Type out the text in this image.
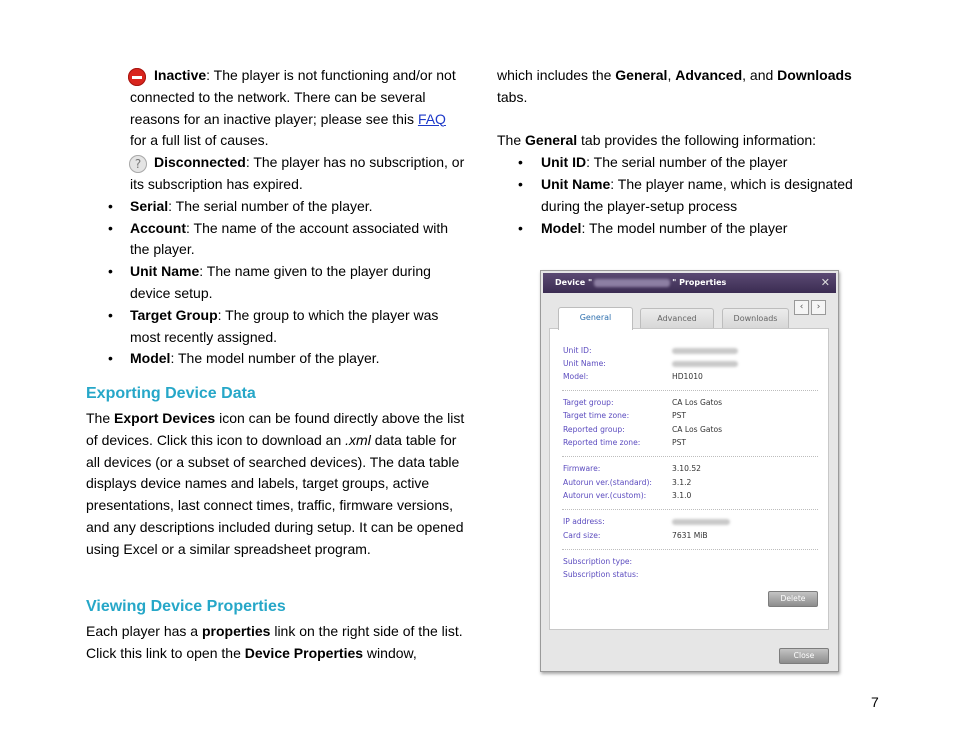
Inactive: The player is not functioning and/or not connected to the network. There can be several reasons for an inactive player; please see this FAQ for a full list of causes.

? Disconnected: The player has no subscription, or its subscription has expired.

• Serial: The serial number of the player.
• Account: The name of the account associated with the player.
• Unit Name: The name given to the player during device setup.
• Target Group: The group to which the player was most recently assigned.
• Model: The model number of the player.
Exporting Device Data
The Export Devices icon can be found directly above the list of devices. Click this icon to download an .xml data table for all devices (or a subset of searched devices). The data table displays device names and labels, target groups, active presentations, last connect times, traffic, firmware versions, and any descriptions included during setup. It can be opened using Excel or a similar spreadsheet program.
Viewing Device Properties
Each player has a properties link on the right side of the list. Click this link to open the Device Properties window,

which includes the General, Advanced, and Downloads tabs.

The General tab provides the following information:

• Unit ID: The serial number of the player
• Unit Name: The player name, which is designated during the player-setup process
• Model: The model number of the player
Device "	" Properties	✕
‹	›
General	Advanced	Downloads
Unit ID:
Unit Name:
Model:	HD1010
Target group:	CA Los Gatos
Target time zone:	PST
Reported group:	CA Los Gatos
Reported time zone:	PST
Firmware:	3.10.52
Autorun ver.(standard):	3.1.2
Autorun ver.(custom):	3.1.0
IP address:
Card size:	7631 MiB
Subscription type:
Subscription status:
Delete
Close
7
